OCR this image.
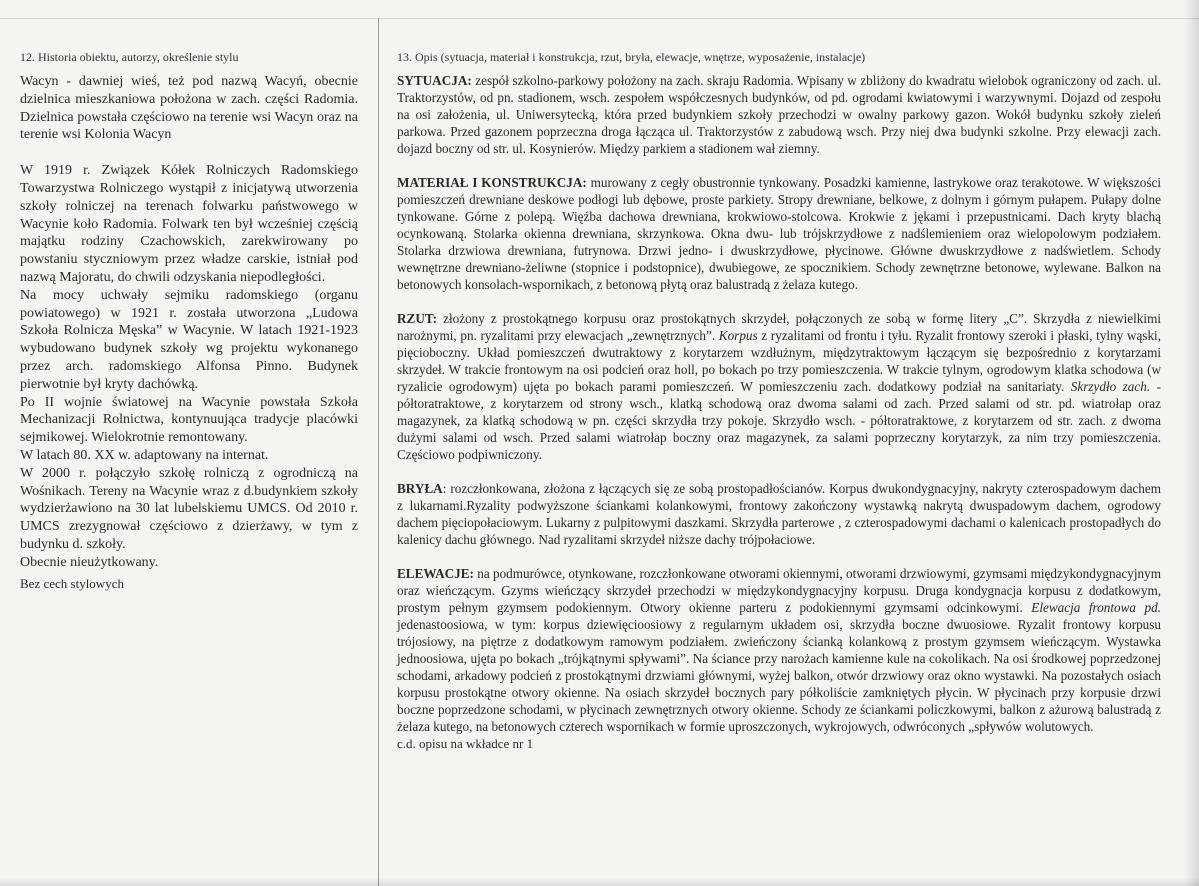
12. Historia obiektu, autorzy, określenie stylu

Wacyn - dawniej wieś, też pod nazwą Wacyń, obecnie dzielnica mieszkaniowa położona w zach. części Radomia. Dzielnica powstała częściowo na terenie wsi Wacyn oraz na terenie wsi Kolonia Wacyn

W 1919 r. Związek Kółek Rolniczych Radomskiego Towarzystwa Rolniczego wystąpił z inicjatywą utworzenia szkoły rolniczej na terenach folwarku państwowego w Wacynie koło Radomia. Folwark ten był wcześniej częścią majątku rodziny Czachowskich, zarekwirowany po powstaniu styczniowym przez władze carskie, istniał pod nazwą Majoratu, do chwili odzyskania niepodległości.

Na mocy uchwały sejmiku radomskiego (organu powiatowego) w 1921 r. została utworzona „Ludowa Szkoła Rolnicza Męska” w Wacynie. W latach 1921-1923 wybudowano budynek szkoły wg projektu wykonanego przez arch. radomskiego Alfonsa Pinno. Budynek pierwotnie był kryty dachówką.

Po II wojnie światowej na Wacynie powstała Szkoła Mechanizacji Rolnictwa, kontynuująca tradycje placówki sejmikowej. Wielokrotnie remontowany.

W latach 80. XX w. adaptowany na internat.

W 2000 r. połączyło szkołę rolniczą z ogrodniczą na Wośnikach. Tereny na Wacynie wraz z d.budynkiem szkoły wydzierżawiono na 30 lat lubelskiemu UMCS. Od 2010 r. UMCS zrezygnował częściowo z dzierżawy, w tym z budynku d. szkoły.

Obecnie nieużytkowany.

Bez cech stylowych

13. Opis (sytuacja, materiał i konstrukcja, rzut, bryła, elewacje, wnętrze, wyposażenie, instalacje)

SYTUACJA: zespół szkolno-parkowy położony na zach. skraju Radomia. Wpisany w zbliżony do kwadratu wielobok ograniczony od zach. ul. Traktorzystów, od pn. stadionem, wsch. zespołem współczesnych budynków, od pd. ogrodami kwiatowymi i warzywnymi. Dojazd od zespołu na osi założenia, ul. Uniwersytecką, która przed budynkiem szkoły przechodzi w owalny parkowy gazon. Wokół budynku szkoły zieleń parkowa. Przed gazonem poprzeczna droga łącząca ul. Traktorzystów z zabudową wsch. Przy niej dwa budynki szkolne. Przy elewacji zach. dojazd boczny od str. ul. Kosynierów. Między parkiem a stadionem wał ziemny.

MATERIAŁ I KONSTRUKCJA: murowany z cegły obustronnie tynkowany. Posadzki kamienne, lastrykowe oraz terakotowe. W większości pomieszczeń drewniane deskowe podłogi lub dębowe, proste parkiety. Stropy drewniane, belkowe, z dolnym i górnym pułapem. Pułapy dolne tynkowane. Górne z polepą. Więźba dachowa drewniana, krokwiowo-stolcowa. Krokwie z jękami i przepustnicami. Dach kryty blachą ocynkowaną. Stolarka okienna drewniana, skrzynkowa. Okna dwu- lub trójskrzydłowe z nadślemieniem oraz wielopolowym podziałem. Stolarka drzwiowa drewniana, futrynowa. Drzwi jedno- i dwuskrzydłowe, płycinowe. Główne dwuskrzydłowe z nadświetlem. Schody wewnętrzne drewniano-żeliwne (stopnice i podstopnice), dwubiegowe, ze spocznikiem. Schody zewnętrzne betonowe, wylewane. Balkon na betonowych konsolach-wspornikach, z betonową płytą oraz balustradą z żelaza kutego.

RZUT: złożony z prostokątnego korpusu oraz prostokątnych skrzydeł, połączonych ze sobą w formę litery „C”. Skrzydła z niewielkimi narożnymi, pn. ryzalitami przy elewacjach „zewnętrznych”. Korpus z ryzalitami od frontu i tyłu. Ryzalit frontowy szeroki i płaski, tylny wąski, pięcioboczny. Układ pomieszczeń dwutraktowy z korytarzem wzdłużnym, międzytraktowym łączącym się bezpośrednio z korytarzami skrzydeł. W trakcie frontowym na osi podcień oraz holl, po bokach po trzy pomieszczenia. W trakcie tylnym, ogrodowym klatka schodowa (w ryzalicie ogrodowym) ujęta po bokach parami pomieszczeń. W pomieszczeniu zach. dodatkowy podział na sanitariaty. Skrzydło zach. - półtoratraktowe, z korytarzem od strony wsch., klatką schodową oraz dwoma salami od zach. Przed salami od str. pd. wiatrołap oraz magazynek, za klatką schodową w pn. części skrzydła trzy pokoje. Skrzydło wsch. - półtoratraktowe, z korytarzem od str. zach. z dwoma dużymi salami od wsch. Przed salami wiatrołap boczny oraz magazynek, za salami poprzeczny korytarzyk, za nim trzy pomieszczenia. Częściowo podpiwniczony.

BRYŁA: rozczłonkowana, złożona z łączących się ze sobą prostopadłościanów. Korpus dwukondygnacyjny, nakryty czterospadowym dachem z lukarnami.Ryzality podwyższone ściankami kolankowymi, frontowy zakończony wystawką nakrytą dwuspadowym dachem, ogrodowy dachem pięciopołaciowym. Lukarny z pulpitowymi daszkami. Skrzydła parterowe , z czterospadowymi dachami o kalenicach prostopadłych do kalenicy dachu głównego. Nad ryzalitami skrzydeł niższe dachy trójpołaciowe.

ELEWACJE: na podmurówce, otynkowane, rozczłonkowane otworami okiennymi, otworami drzwiowymi, gzymsami międzykondygnacyjnym oraz wieńczącym. Gzyms wieńczący skrzydeł przechodzi w międzykondygnacyjny korpusu. Druga kondygnacja korpusu z dodatkowym, prostym pełnym gzymsem podokiennym. Otwory okienne parteru z podokiennymi gzymsami odcinkowymi. Elewacja frontowa pd. jedenastoosiowa, w tym: korpus dziewięcioosiowy z regularnym układem osi, skrzydła boczne dwuosiowe. Ryzalit frontowy korpusu trójosiowy, na piętrze z dodatkowym ramowym podziałem. zwieńczony ścianką kolankową z prostym gzymsem wieńczącym. Wystawka jednoosiowa, ujęta po bokach „trójkątnymi spływami”. Na ściance przy narożach kamienne kule na cokolikach. Na osi środkowej poprzedzonej schodami, arkadowy podcień z prostokątnymi drzwiami głównymi, wyżej balkon, otwór drzwiowy oraz okno wystawki. Na pozostałych osiach korpusu prostokątne otwory okienne. Na osiach skrzydeł bocznych pary półkoliście zamkniętych płycin. W płycinach przy korpusie drzwi boczne poprzedzone schodami, w płycinach zewnętrznych otwory okienne. Schody ze ściankami policzkowymi, balkon z ażurową balustradą z żelaza kutego, na betonowych czterech wspornikach w formie uproszczonych, wykrojowych, odwróconych „spływów wolutowych.

c.d. opisu na wkładce nr 1
